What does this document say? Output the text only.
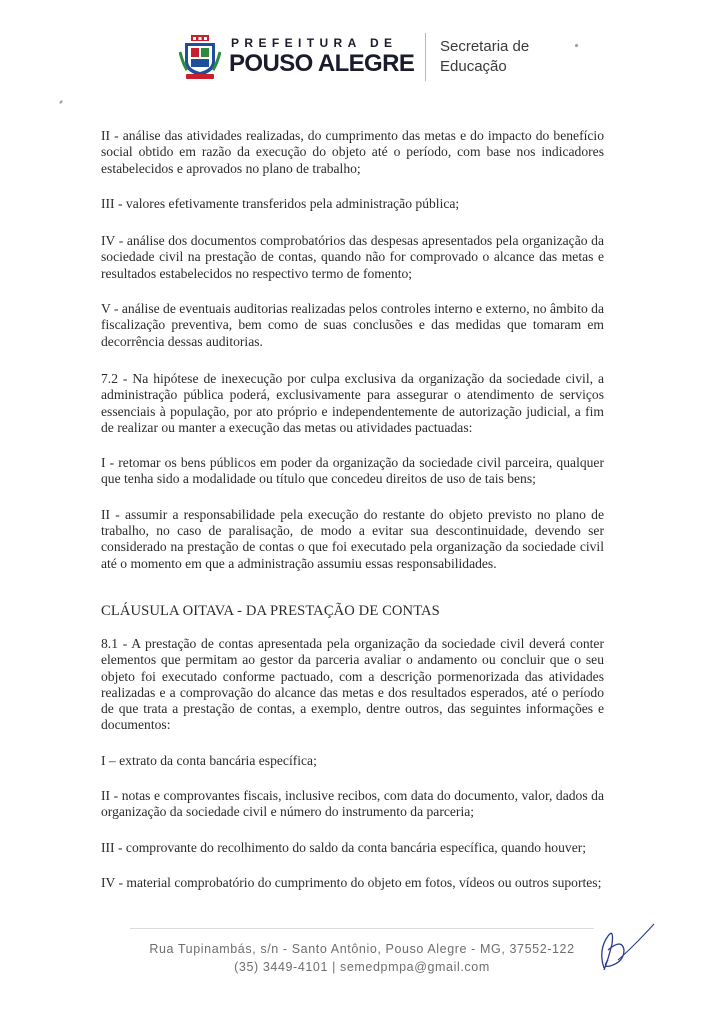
PREFEITURA DE
POUSO ALEGRE
Secretaria de
Educação

II - análise das atividades realizadas, do cumprimento das metas e do impacto do benefício social obtido em razão da execução do objeto até o período, com base nos indicadores estabelecidos e aprovados no plano de trabalho;

III - valores efetivamente transferidos pela administração pública;

IV - análise dos documentos comprobatórios das despesas apresentados pela organização da sociedade civil na prestação de contas, quando não for comprovado o alcance das metas e resultados estabelecidos no respectivo termo de fomento;

V - análise de eventuais auditorias realizadas pelos controles interno e externo, no âmbito da fiscalização preventiva, bem como de suas conclusões e das medidas que tomaram em decorrência dessas auditorias.

7.2 - Na hipótese de inexecução por culpa exclusiva da organização da sociedade civil, a administração pública poderá, exclusivamente para assegurar o atendimento de serviços essenciais à população, por ato próprio e independentemente de autorização judicial, a fim de realizar ou manter a execução das metas ou atividades pactuadas:

I - retomar os bens públicos em poder da organização da sociedade civil parceira, qualquer que tenha sido a modalidade ou título que concedeu direitos de uso de tais bens;

II - assumir a responsabilidade pela execução do restante do objeto previsto no plano de trabalho, no caso de paralisação, de modo a evitar sua descontinuidade, devendo ser considerado na prestação de contas o que foi executado pela organização da sociedade civil até o momento em que a administração assumiu essas responsabilidades.

CLÁUSULA OITAVA - DA PRESTAÇÃO DE CONTAS

8.1 - A prestação de contas apresentada pela organização da sociedade civil deverá conter elementos que permitam ao gestor da parceria avaliar o andamento ou concluir que o seu objeto foi executado conforme pactuado, com a descrição pormenorizada das atividades realizadas e a comprovação do alcance das metas e dos resultados esperados, até o período de que trata a prestação de contas, a exemplo, dentre outros, das seguintes informações e documentos:

I – extrato da conta bancária específica;

II - notas e comprovantes fiscais, inclusive recibos, com data do documento, valor, dados da organização da sociedade civil e número do instrumento da parceria;

III - comprovante do recolhimento do saldo da conta bancária específica, quando houver;

IV - material comprobatório do cumprimento do objeto em fotos, vídeos ou outros suportes;

Rua Tupinambás, s/n - Santo Antônio, Pouso Alegre - MG, 37552-122
(35) 3449-4101 | semedpmpa@gmail.com
